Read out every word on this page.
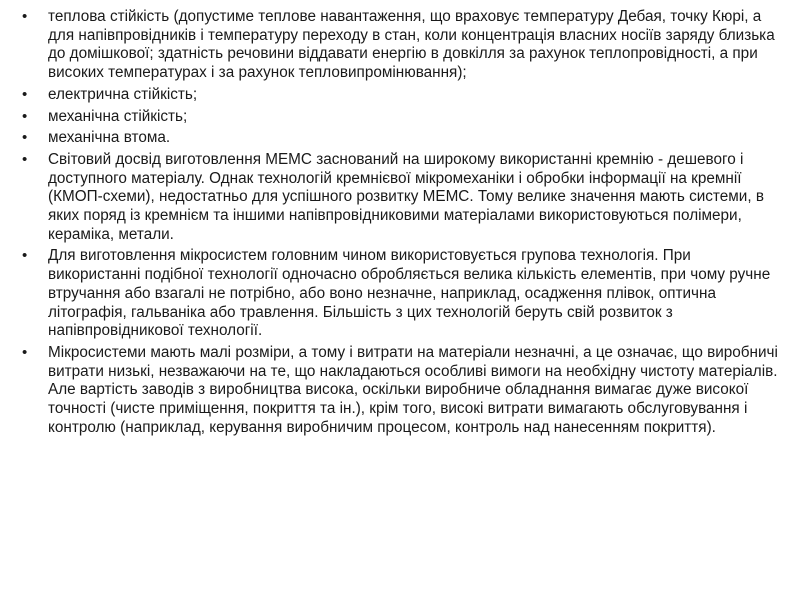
•	теплова стійкість (допустиме теплове навантаження, що враховує температуру Дебая, точку Кюрі, а для напівпровідників і температуру переходу в стан, коли концентрація власних носіїв заряду близька до домішкової; здатність речовини віддавати енергію в довкілля за рахунок теплопровідності, а при високих температурах і за рахунок тепловипромінювання);
•	електрична стійкість;
•	механічна стійкість;
•	механічна втома.
•	Світовий досвід виготовлення MEMC заснований на широкому використанні кремнію - дешевого і доступного матеріалу. Однак технологій кремнієвої мікромеханіки і обробки інформації на кремнії (КМОП-схеми), недостатньо для успішного розвитку МЕМС. Тому велике значення мають системи, в яких поряд із кремнієм та іншими напівпровідниковими матеріалами використовуються полімери, кераміка, метали.
•	Для виготовлення мікросистем головним чином використовується групова технологія. При використанні подібної технології одночасно обробляється велика кількість елементів, при чому ручне втручання або взагалі не потрібно, або воно незначне, наприклад, осадження плівок, оптична літографія, гальваніка або травлення. Більшість з цих технологій беруть свій розвиток з напівпровідникової технології.
•	Мікросистеми мають малі розміри, а тому і витрати на матеріали незначні, а це означає, що виробничі витрати низькі, незважаючи на те, що накладаються особливі вимоги на необхідну чистоту матеріалів. Але вартість заводів з виробництва висока, оскільки виробниче обладнання вимагає дуже високої точності (чисте приміщення, покриття та ін.), крім того, високі витрати вимагають обслуговування і контролю (наприклад, керування виробничим процесом, контроль над нанесенням покриття).
